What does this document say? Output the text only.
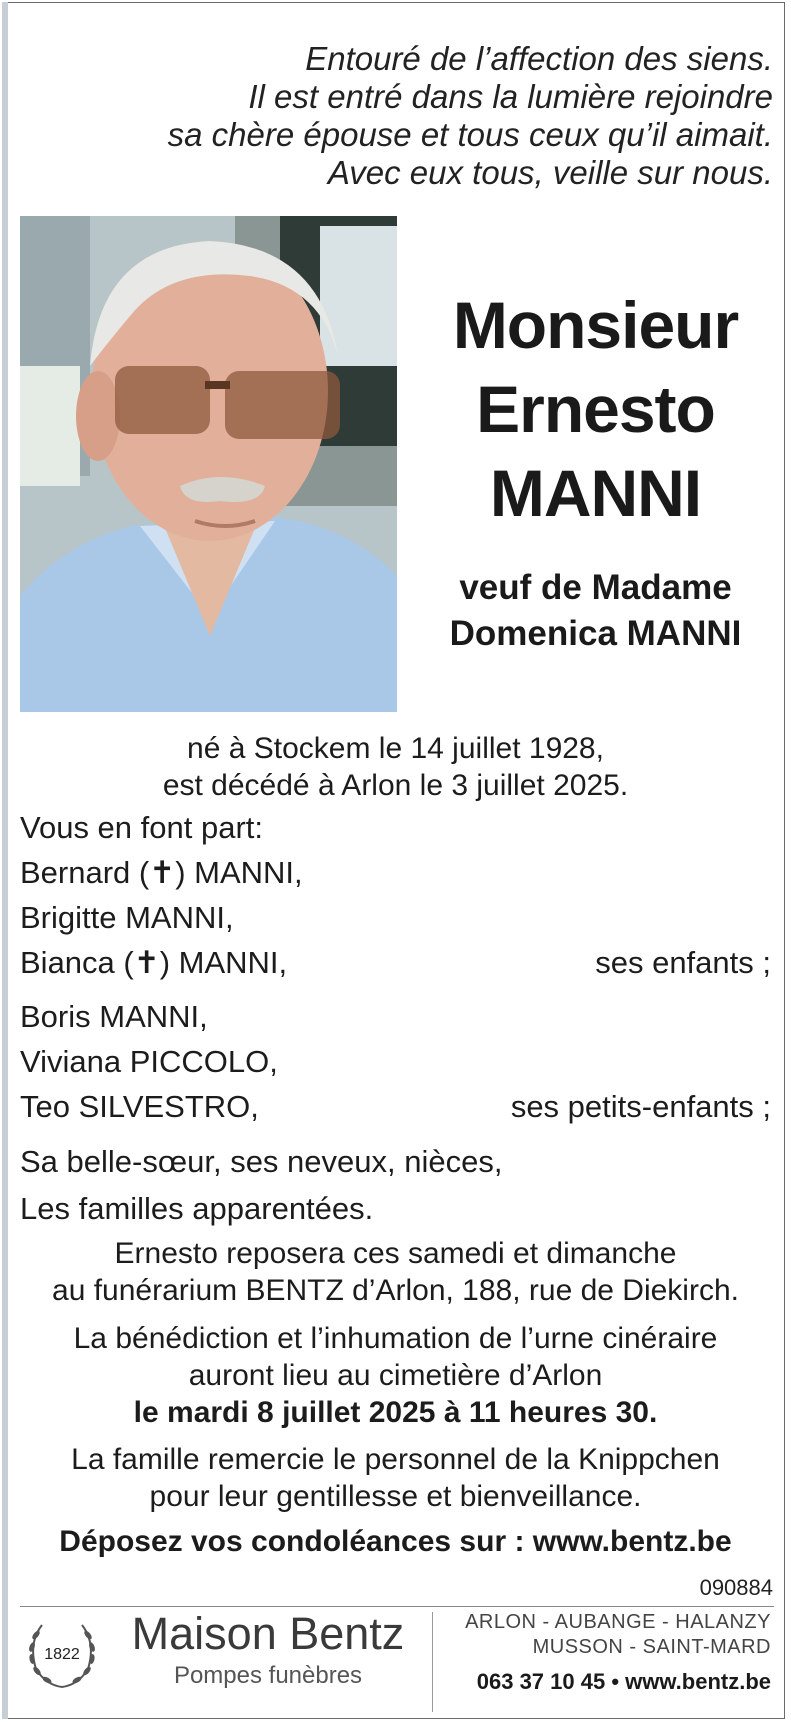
Entouré de l’affection des siens.
Il est entré dans la lumière rejoindre
sa chère épouse et tous ceux qu’il aimait.
Avec eux tous, veille sur nous.
Monsieur
Ernesto
MANNI
veuf de Madame
Domenica MANNI
né à Stockem le 14 juillet 1928,
est décédé à Arlon le 3 juillet 2025.
Vous en font part:
Bernard (✝) MANNI,
Brigitte MANNI,
Bianca (✝) MANNI,	ses enfants ;
Boris MANNI,
Viviana PICCOLO,
Teo SILVESTRO,	ses petits-enfants ;
Sa belle-sœur, ses neveux, nièces,
Les familles apparentées.
Ernesto reposera ces samedi et dimanche
au funérarium BENTZ d’Arlon, 188, rue de Diekirch.
La bénédiction et l’inhumation de l’urne cinéraire
auront lieu au cimetière d’Arlon
le mardi 8 juillet 2025 à 11 heures 30.
La famille remercie le personnel de la Knippchen
pour leur gentillesse et bienveillance.
Déposez vos condoléances sur : www.bentz.be
090884
1822	Maison Bentz
Pompes funèbres
ARLON - AUBANGE - HALANZY
MUSSON - SAINT-MARD
063 37 10 45 • www.bentz.be
